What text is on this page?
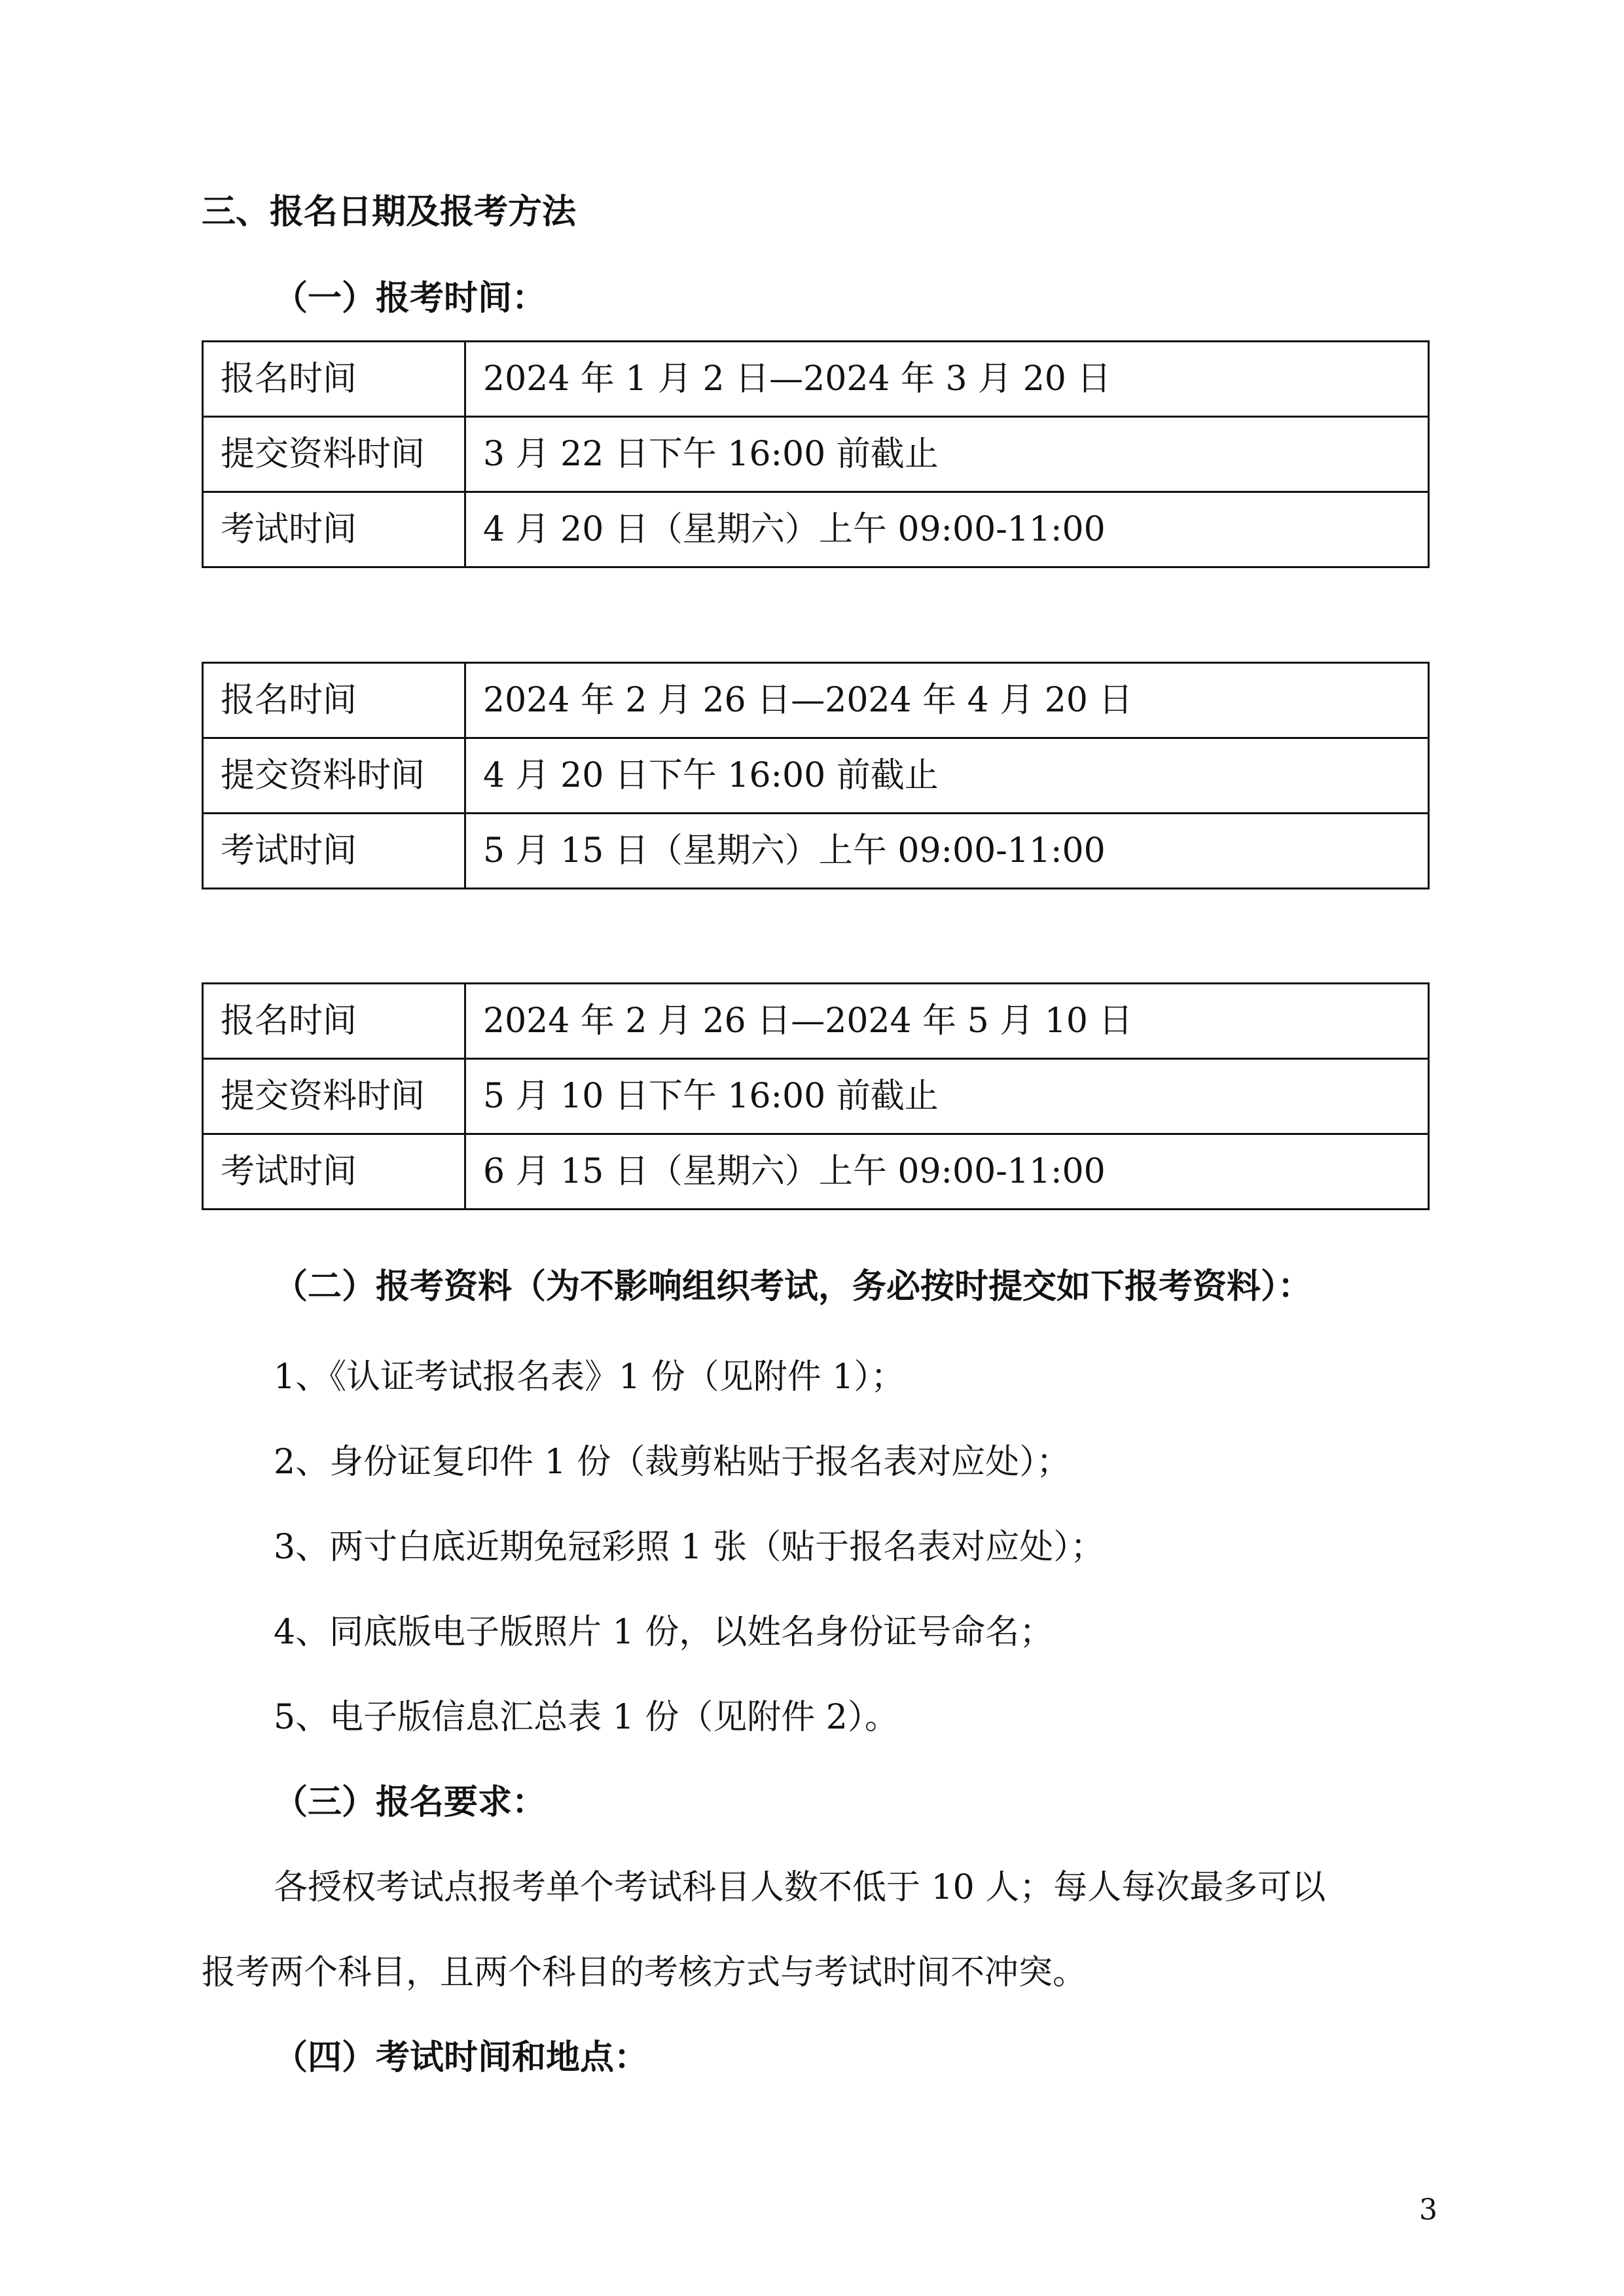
三、报名日期及报考方法
（一）报考时间：
报名时间	2024 年 1 月 2 日—2024 年 3 月 20 日
提交资料时间	3 月 22 日下午 16:00 前截止
考试时间	4 月 20 日（星期六）上午 09:00-11:00
报名时间	2024 年 2 月 26 日—2024 年 4 月 20 日
提交资料时间	4 月 20 日下午 16:00 前截止
考试时间	5 月 15 日（星期六）上午 09:00-11:00
报名时间	2024 年 2 月 26 日—2024 年 5 月 10 日
提交资料时间	5 月 10 日下午 16:00 前截止
考试时间	6 月 15 日（星期六）上午 09:00-11:00
（二）报考资料（为不影响组织考试，务必按时提交如下报考资料）：
1、《认证考试报名表》1 份（见附件 1）；
2、身份证复印件 1 份（裁剪粘贴于报名表对应处）；
3、两寸白底近期免冠彩照 1 张（贴于报名表对应处）；
4、同底版电子版照片 1 份，以姓名身份证号命名；
5、电子版信息汇总表 1 份（见附件 2）。
（三）报名要求：
各授权考试点报考单个考试科目人数不低于 10 人；每人每次最多可以
报考两个科目，且两个科目的考核方式与考试时间不冲突。
（四）考试时间和地点：
3
